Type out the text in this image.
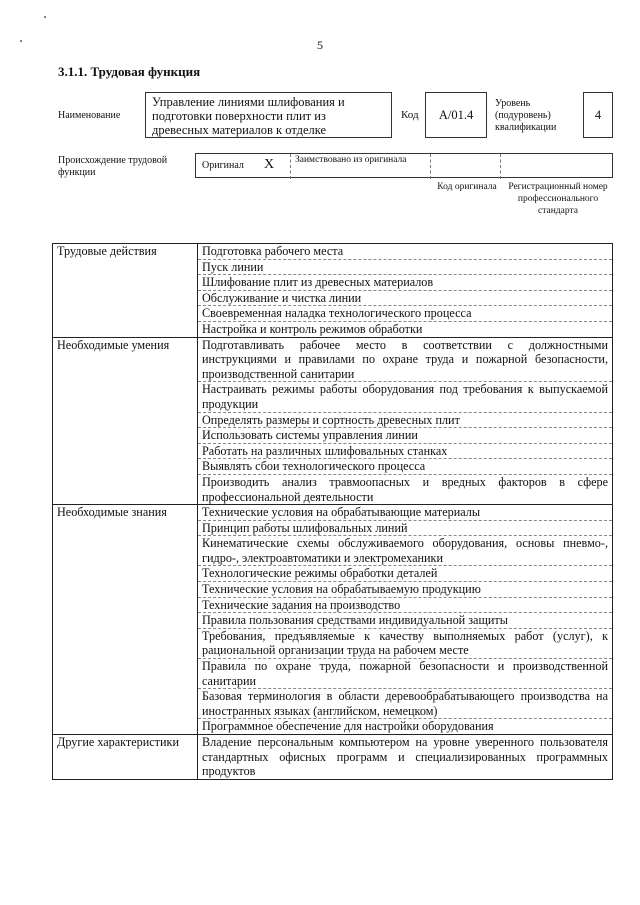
5
3.1.1. Трудовая функция
Наименование
Управление линиями шлифования и подготовки поверхности плит из древесных материалов к отделке
Код	A/01.4
Уровень (подуровень) квалификации
4
Происхождение трудовой функции
Оригинал X Заимствовано из оригинала
Код оригинала	Регистрационный номер профессионального стандарта
Трудовые действия	Подготовка рабочего места
	Пуск линии
	Шлифование плит из древесных материалов
	Обслуживание и чистка линии
	Своевременная наладка технологического процесса
	Настройка и контроль режимов обработки
Необходимые умения	Подготавливать рабочее место в соответствии с должностными инструкциями и правилами по охране труда и пожарной безопасности, производственной санитарии
	Настраивать режимы работы оборудования под требования к выпускаемой продукции
	Определять размеры и сортность древесных плит
	Использовать системы управления линии
	Работать на различных шлифовальных станках
	Выявлять сбои технологического процесса
	Производить анализ травмоопасных и вредных факторов в сфере профессиональной деятельности
Необходимые знания	Технические условия на обрабатывающие материалы
	Принцип работы шлифовальных линий
	Кинематические схемы обслуживаемого оборудования, основы пневмо-, гидро-, электроавтоматики и электромеханики
	Технологические режимы обработки деталей
	Технические условия на обрабатываемую продукцию
	Технические задания на производство
	Правила пользования средствами индивидуальной защиты
	Требования, предъявляемые к качеству выполняемых работ (услуг), к рациональной организации труда на рабочем месте
	Правила по охране труда, пожарной безопасности и производственной санитарии
	Базовая терминология в области деревообрабатывающего производства на иностранных языках (английском, немецком)
	Программное обеспечение для настройки оборудования
Другие характеристики	Владение персональным компьютером на уровне уверенного пользователя стандартных офисных программ и специализированных программных продуктов
